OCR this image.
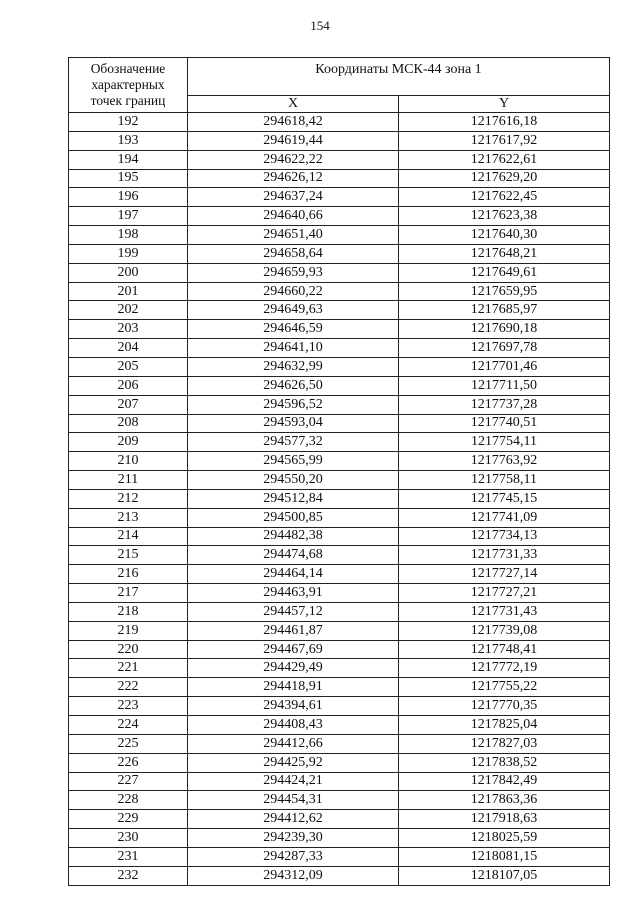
154
Обозначение
характерных
точек границ	Координаты МСК-44 зона 1	
	X	Y
192	294618,42	1217616,18
193	294619,44	1217617,92
194	294622,22	1217622,61
195	294626,12	1217629,20
196	294637,24	1217622,45
197	294640,66	1217623,38
198	294651,40	1217640,30
199	294658,64	1217648,21
200	294659,93	1217649,61
201	294660,22	1217659,95
202	294649,63	1217685,97
203	294646,59	1217690,18
204	294641,10	1217697,78
205	294632,99	1217701,46
206	294626,50	1217711,50
207	294596,52	1217737,28
208	294593,04	1217740,51
209	294577,32	1217754,11
210	294565,99	1217763,92
211	294550,20	1217758,11
212	294512,84	1217745,15
213	294500,85	1217741,09
214	294482,38	1217734,13
215	294474,68	1217731,33
216	294464,14	1217727,14
217	294463,91	1217727,21
218	294457,12	1217731,43
219	294461,87	1217739,08
220	294467,69	1217748,41
221	294429,49	1217772,19
222	294418,91	1217755,22
223	294394,61	1217770,35
224	294408,43	1217825,04
225	294412,66	1217827,03
226	294425,92	1217838,52
227	294424,21	1217842,49
228	294454,31	1217863,36
229	294412,62	1217918,63
230	294239,30	1218025,59
231	294287,33	1218081,15
232	294312,09	1218107,05
